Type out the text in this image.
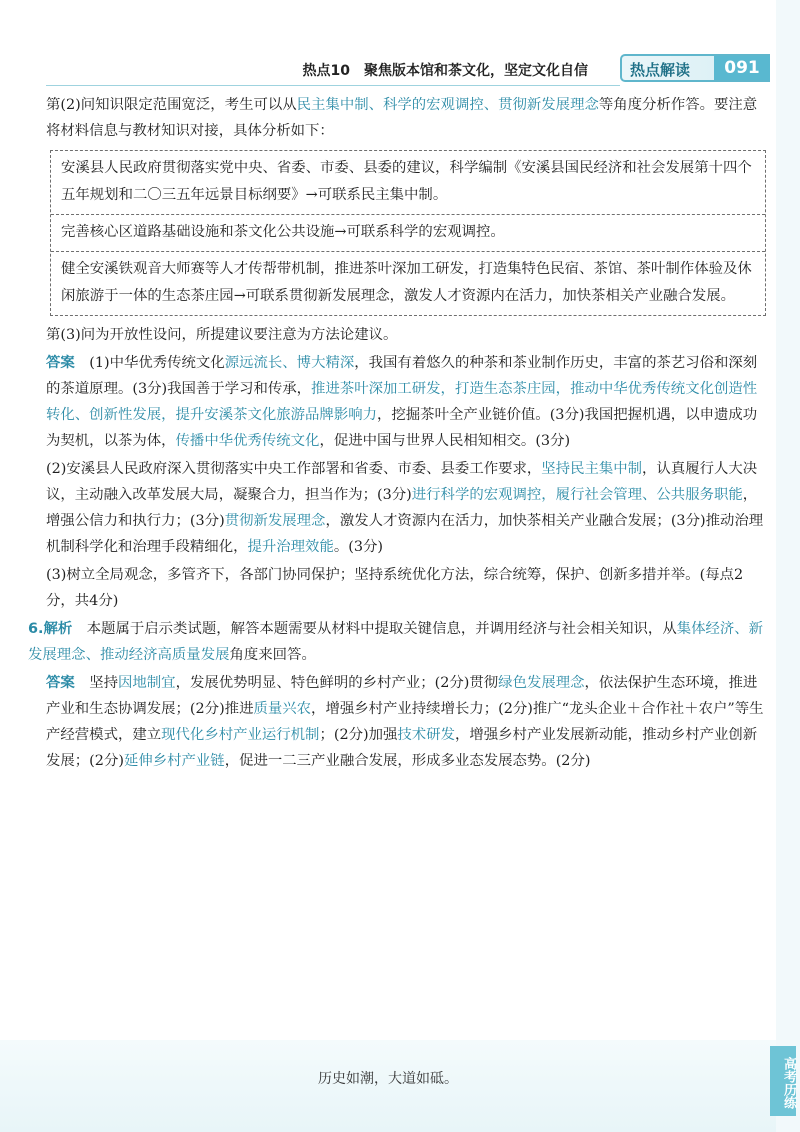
热点10　聚焦版本馆和茶文化，坚定文化自信	热点解读	091

第(2)问知识限定范围宽泛，考生可以从民主集中制、科学的宏观调控、贯彻新发展理念等角度分析作答。要注意将材料信息与教材知识对接，具体分析如下：

安溪县人民政府贯彻落实党中央、省委、市委、县委的建议，科学编制《安溪县国民经济和社会发展第十四个五年规划和二〇三五年远景目标纲要》→可联系民主集中制。
完善核心区道路基础设施和茶文化公共设施→可联系科学的宏观调控。
健全安溪铁观音大师赛等人才传帮带机制，推进茶叶深加工研发，打造集特色民宿、茶馆、茶叶制作体验及休闲旅游于一体的生态茶庄园→可联系贯彻新发展理念，激发人才资源内在活力，加快茶相关产业融合发展。

第(3)问为开放性设问，所提建议要注意为方法论建议。

答案　 (1)中华优秀传统文化源远流长、博大精深，我国有着悠久的种茶和茶业制作历史，丰富的茶艺习俗和深刻的茶道原理。(3分)我国善于学习和传承，推进茶叶深加工研发，打造生态茶庄园，推动中华优秀传统文化创造性转化、创新性发展，提升安溪茶文化旅游品牌影响力，挖掘茶叶全产业链价值。(3分)我国把握机遇，以申遗成功为契机，以茶为体，传播中华优秀传统文化，促进中国与世界人民相知相交。(3分)

(2)安溪县人民政府深入贯彻落实中央工作部署和省委、市委、县委工作要求，坚持民主集中制，认真履行人大决议，主动融入改革发展大局，凝聚合力，担当作为；(3分)进行科学的宏观调控，履行社会管理、公共服务职能，增强公信力和执行力；(3分)贯彻新发展理念，激发人才资源内在活力，加快茶相关产业融合发展；(3分)推动治理机制科学化和治理手段精细化，提升治理效能。(3分)

(3)树立全局观念，多管齐下，各部门协同保护；坚持系统优化方法，综合统筹，保护、创新多措并举。(每点2分，共4分)

6.解析　 本题属于启示类试题，解答本题需要从材料中提取关键信息，并调用经济与社会相关知识，从集体经济、新发展理念、推动经济高质量发展角度来回答。

答案　 坚持因地制宜，发展优势明显、特色鲜明的乡村产业；(2分)贯彻绿色发展理念，依法保护生态环境，推进产业和生态协调发展；(2分)推进质量兴农，增强乡村产业持续增长力；(2分)推广“龙头企业＋合作社＋农户”等生产经营模式，建立现代化乡村产业运行机制；(2分)加强技术研发，增强乡村产业发展新动能，推动乡村产业创新发展；(2分)延伸乡村产业链，促进一二三产业融合发展，形成多业态发展态势。(2分)

历史如潮，大道如砥。	高考历练
